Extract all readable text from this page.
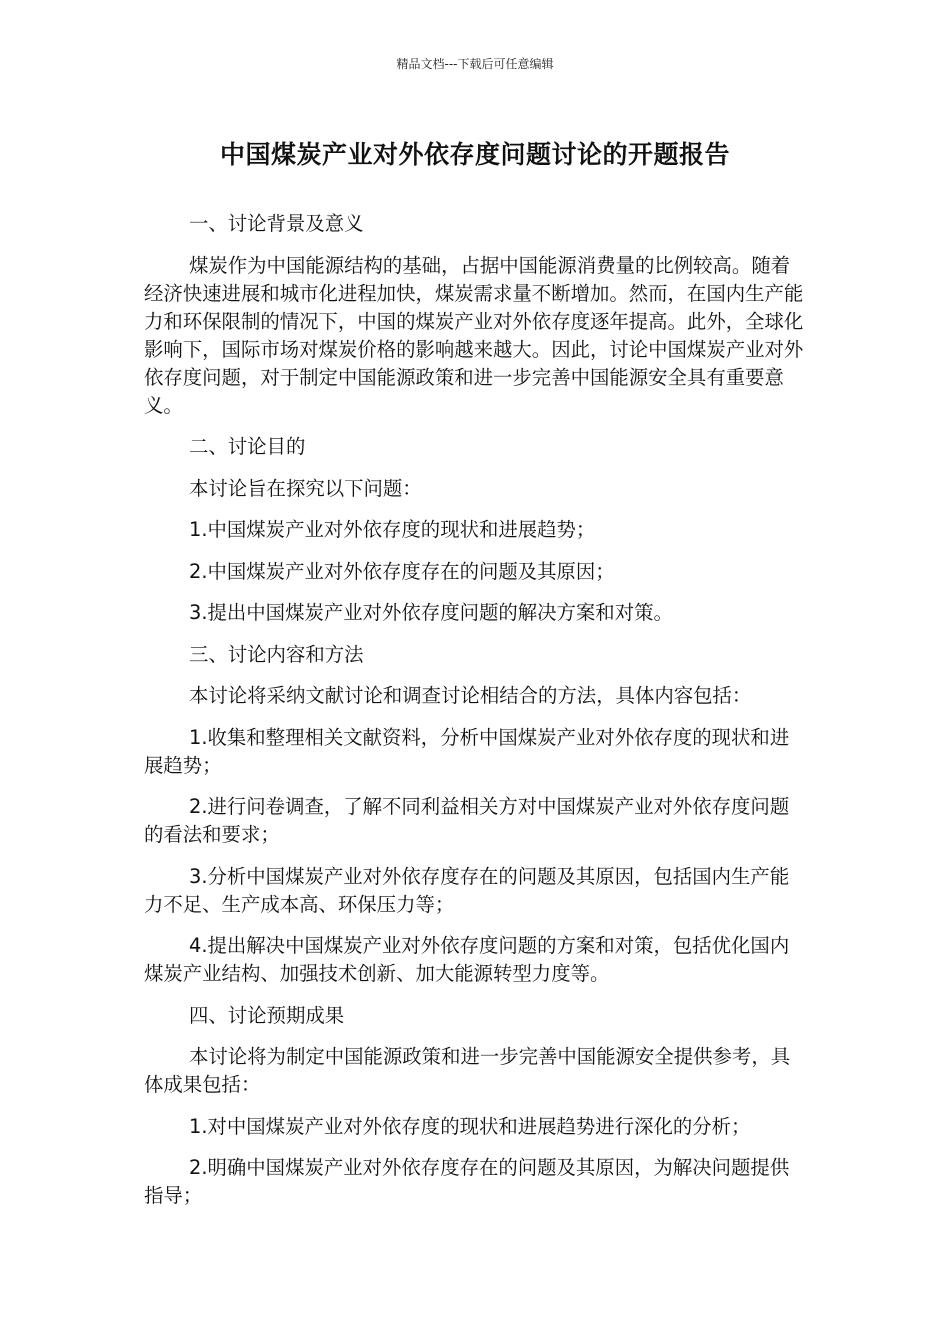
精品文档---下载后可任意编辑
中国煤炭产业对外依存度问题讨论的开题报告

一、讨论背景及意义

煤炭作为中国能源结构的基础，占据中国能源消费量的比例较高。随着经济快速进展和城市化进程加快，煤炭需求量不断增加。然而，在国内生产能力和环保限制的情况下，中国的煤炭产业对外依存度逐年提高。此外，全球化影响下，国际市场对煤炭价格的影响越来越大。因此，讨论中国煤炭产业对外依存度问题，对于制定中国能源政策和进一步完善中国能源安全具有重要意义。

二、讨论目的

本讨论旨在探究以下问题：

1.中国煤炭产业对外依存度的现状和进展趋势；

2.中国煤炭产业对外依存度存在的问题及其原因；

3.提出中国煤炭产业对外依存度问题的解决方案和对策。

三、讨论内容和方法

本讨论将采纳文献讨论和调查讨论相结合的方法，具体内容包括：

1.收集和整理相关文献资料，分析中国煤炭产业对外依存度的现状和进展趋势；

2.进行问卷调查，了解不同利益相关方对中国煤炭产业对外依存度问题的看法和要求；

3.分析中国煤炭产业对外依存度存在的问题及其原因，包括国内生产能力不足、生产成本高、环保压力等；

4.提出解决中国煤炭产业对外依存度问题的方案和对策，包括优化国内煤炭产业结构、加强技术创新、加大能源转型力度等。

四、讨论预期成果

本讨论将为制定中国能源政策和进一步完善中国能源安全提供参考，具体成果包括：

1.对中国煤炭产业对外依存度的现状和进展趋势进行深化的分析；

2.明确中国煤炭产业对外依存度存在的问题及其原因，为解决问题提供指导；
